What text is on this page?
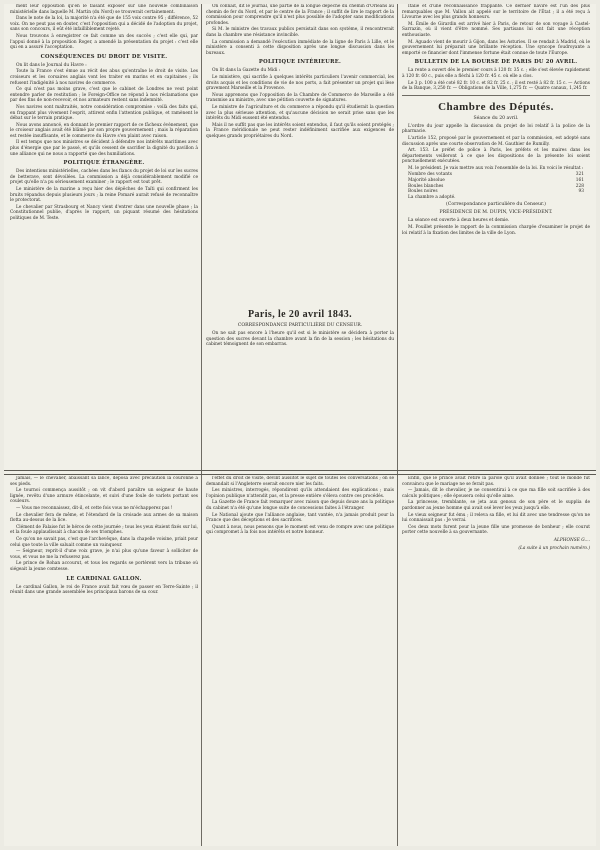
ment leur opposition qu'en le faisant exposer sur une nouvelle combinaison ministérielle dans laquelle M. Martin (du Nord) se trouverait certainement.

Dans le note de la loi, la majorité n'a été que de 155 voix contre 95 ; différence, 52 voix. On ne peut pas en douter, c'est l'opposition qui a décidé de l'adoption du projet, sans son concours, il eût été infailliblement rejeté.

Nous trouvons à enregistrer ce fait comme un des succès ; c'est elle qui, par l'appui donné à la proposition Roger, a amendé la présentation du projet : c'est elle qui en a assuré l'acceptation.

CONSÉQUENCES DU DROIT DE VISITE.

On lit dans le Journal du Havre :

Toute la France s'est émue au récit des abus qu'entraîne le droit de visite. Les croiseurs et les corsaires anglais vont les traiter en marins et en capitaines ; ils refusent l'indigénité à nos navires de commerce.

Ce qui n'est pas moins grave, c'est que le cabinet de Londres ne veut point entendre parler de restitution ; le Foreign-Office ne répond à nos réclamations que par des fins de non-recevoir, et nos armateurs restent sans indemnité.

Nos navires sont maltraités, notre considération compromise : voilà des faits qui, en frappant plus vivement l'esprit, attirent enfin l'attention publique, et ramènent le débat sur le terrain pratique.

Nous avons annoncé, en donnant le premier rapport de ce fâcheux évènement, que le croiseur anglais avait été blâmé par son propre gouvernement ; mais la réparation est restée insuffisante, et le commerce du Havre s'en plaint avec raison.

Il est temps que nos ministres se décident à défendre nos intérêts maritimes avec plus d'énergie que par le passé, et qu'ils cessent de sacrifier la dignité du pavillon à une alliance qui ne nous a rapporté que des humiliations.

POLITIQUE ÉTRANGÈRE.

Des intentions ministérielles, cachées dans les flancs du projet de loi sur les sucres de betterave, sont dévoilées. La commission a déjà considérablement modifié ce projet qu'elle n'a pu sérieusement examiner ; le rapport est tout prêt.

Le ministère de la marine a reçu hier des dépêches de Taïti qui confirment les bruits répandus depuis plusieurs jours ; la reine Pomaré aurait refusé de reconnaître le protectorat.

Le chevalier par Strasbourg et Nancy vient d'entrer dans une nouvelle phase ; la Constitutionnel publie, d'après le rapport, un piquant résumé des hésitations politiques de M. Teste.

On connaît, dit le journal, une partie de la longue dépêche du chemin d'Orléans au chemin de fer du Nord, et par le centre de la France ; il suffit de lire le rapport de la commission pour comprendre qu'il n'est plus possible de l'adopter sans modifications profondes.

Si M. le ministre des travaux publics persistait dans son système, il rencontrerait dans la chambre une résistance invincible.

La commission a demandé l'exécution immédiate de la ligne de Paris à Lille, et le ministère a consenti à cette disposition après une longue discussion dans les bureaux.

POLITIQUE INTÉRIEURE.

On lit dans la Gazette du Midi :

Le ministère, qui sacrifie à quelques intérêts particuliers l'avenir commercial, les droits acquis et les conditions de vie de nos ports, a fait présenter un projet qui lèse gravement Marseille et la Provence.

Nous apprenons que l'opposition de la Chambre de Commerce de Marseille a été transmise au ministre, avec une pétition couverte de signatures.

Le ministre de l'agriculture et du commerce a répondu qu'il étudierait la question avec la plus sérieuse attention, et qu'aucune décision ne serait prise sans que les intérêts du Midi eussent été entendus.

Mais il ne suffit pas que les intérêts soient entendus, il faut qu'ils soient protégés ; la France méridionale ne peut rester indéfiniment sacrifiée aux exigences de quelques grands propriétaires du Nord.

Paris, le 20 avril 1843.
CORRESPONDANCE PARTICULIÈRE DU CENSEUR.

On ne sait pas encore à l'heure qu'il est si le ministère se décidera à porter la question des sucres devant la chambre avant la fin de la session ; les hésitations du cabinet témoignent de son embarras.

Italie et d'une reconnaissance frappante. Ce dernier navire est l'un des plus remarquables que M. Vallon ait appelé sur le territoire de l'État ; il a été reçu à Livourne avec les plus grands honneurs.

M. Émile de Girardin est arrivé hier à Paris, de retour de son voyage à Castel-Sarrazin, où il vient d'être nommé. Ses partisans lui ont fait une réception enthousiaste.

M. Aguado vient de mourir à Gijon, dans les Asturies. Il se rendait à Madrid, où le gouvernement lui préparait une brillante réception. Une syncope foudroyante a emporté ce financier dont l'immense fortune était connue de toute l'Europe.

BULLETIN DE LA BOURSE DE PARIS DU 20 AVRIL.

La rente a ouvert dès le premier cours à 120 fr. 35 c. ; elle s'est élevée rapidement à 120 fr. 60 c., puis elle a fléchi à 120 fr. 45 c. où elle a clos.

Le 3 p. 100 a été coté 82 fr. 10 c. et 82 fr. 25 c. ; il est resté à 82 fr. 15 c. — Actions de la Banque, 3,250 fr. — Obligations de la Ville, 1,275 fr. — Quatre canaux, 1,245 fr.

Chambre des Députés.
Séance du 20 avril.

L'ordre du jour appelle la discussion du projet de loi relatif à la police de la pharmacie.

L'article 152, proposé par le gouvernement et par la commission, est adopté sans discussion après une courte observation de M. Gauthier de Rumilly.

Art. 153. Le préfet de police à Paris, les préfets et les maires dans les départements veilleront à ce que les dispositions de la présente loi soient ponctuellement exécutées.

M. le président. Je vais mettre aux voix l'ensemble de la loi. En voici le résultat :

Nombre des votants	321
Majorité absolue	161
Boules blanches	228
Boules noires	93

La chambre a adopté.

(Correspondance particulière du Censeur.)
PRÉSIDENCE DE M. DUPIN, VICE-PRÉSIDENT.

La séance est ouverte à deux heures et demie.

M. Pouillet présente le rapport de la commission chargée d'examiner le projet de loi relatif à la fixation des limites de la ville de Lyon.

Jamais, — le chevalier, abaissant sa lance, déposa avec précaution la couronne à ses pieds.

Le tournoi commença aussitôt ; on vit d'abord paraître un seigneur de haute lignée, revêtu d'une armure étincelante, et suivi d'une foule de varlets portant ses couleurs.

— Vous me reconnaissez, dit-il, et cette fois vous ne m'échapperez pas !

Le chevalier fera de même, et l'étendard de la croisade aux armes de sa maison flotta au-dessus de la lice.

Clément de Falaise fut le héros de cette journée ; tous les yeux étaient fixés sur lui, et la foule applaudissait à chacun de ses triomphes.

Ce qu'on ne savait pas, c'est que l'archevêque, dans la chapelle voisine, priait pour celui que toute la ville saluait comme un vainqueur.

— Seigneur, reprit-il d'une voix grave, je n'ai plus qu'une faveur à solliciter de vous, et vous ne me la refuserez pas.

Le prince de Rohan accourut, et tous les regards se portèrent vers la tribune où siégeait la jeune comtesse.

LE CARDINAL GALLON.

Le cardinal Gallon, le roi de France avait fait vœu de passer en Terre-Sainte ; il réunit dans une grande assemblée les principaux barons de sa cour.

l'effet du droit de visite, devint aussitôt le sujet de toutes les conversations ; on se demandait si l'Angleterre oserait encore nier les faits.

Les ministres, interrogés, répondirent qu'ils attendaient des explications ; mais l'opinion publique n'attendit pas, et la presse entière s'éleva contre ces procédés.

La Gazette de France fait remarquer avec raison que depuis douze ans la politique du cabinet n'a été qu'une longue suite de concessions faites à l'étranger.

Le National ajoute que l'alliance anglaise, tant vantée, n'a jamais produit pour la France que des déceptions et des sacrifices.

Quant à nous, nous pensons que le moment est venu de rompre avec une politique qui compromet à la fois nos intérêts et notre honneur.

Enfin, que le prince avait retiré la parole qu'il avait donnée ; tout le monde fut convaincu que le mariage ne se ferait pas.

— Jamais, dit le chevalier, je ne consentirai à ce que ma fille soit sacrifiée à des calculs politiques ; elle épousera celui qu'elle aime.

La princesse, tremblante, se jeta aux genoux de son père et le supplia de pardonner au jeune homme qui avait osé lever les yeux jusqu'à elle.

Le vieux seigneur fut ému ; il releva sa fille, et lui dit avec une tendresse qu'on ne lui connaissait pas : Je verrai.

Ces deux mots furent pour la jeune fille une promesse de bonheur ; elle courut porter cette nouvelle à sa gouvernante.

ALPHONSE G....
(La suite à un prochain numéro.)
